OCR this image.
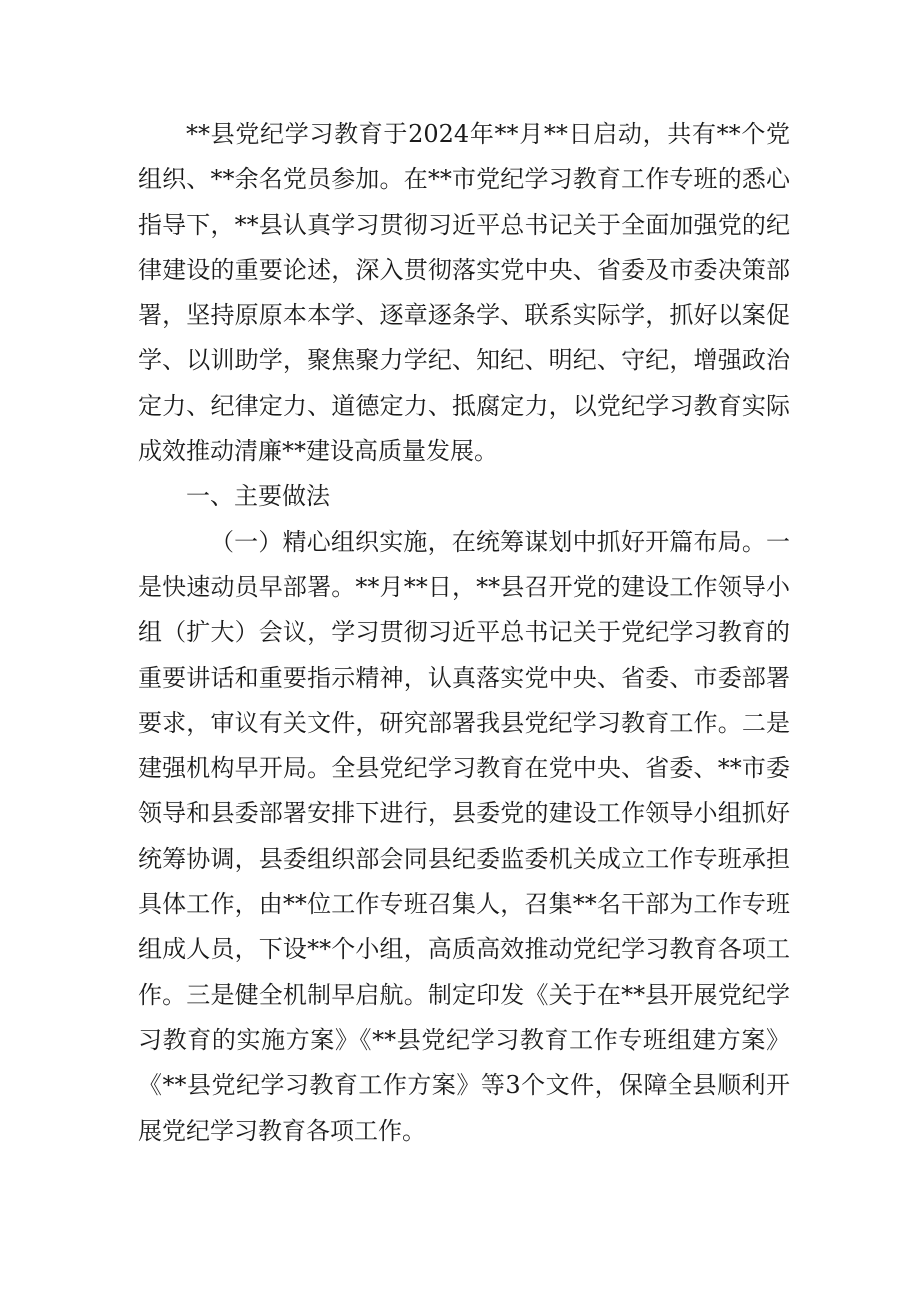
**县党纪学习教育于2024年**月**日启动，共有**个党组织、**余名党员参加。在**市党纪学习教育工作专班的悉心指导下，**县认真学习贯彻习近平总书记关于全面加强党的纪律建设的重要论述，深入贯彻落实党中央、省委及市委决策部署，坚持原原本本学、逐章逐条学、联系实际学，抓好以案促学、以训助学，聚焦聚力学纪、知纪、明纪、守纪，增强政治定力、纪律定力、道德定力、抵腐定力，以党纪学习教育实际成效推动清廉**建设高质量发展。

一、主要做法

（一）精心组织实施，在统筹谋划中抓好开篇布局。一是快速动员早部署。**月**日，**县召开党的建设工作领导小组（扩大）会议，学习贯彻习近平总书记关于党纪学习教育的重要讲话和重要指示精神，认真落实党中央、省委、市委部署要求，审议有关文件，研究部署我县党纪学习教育工作。二是建强机构早开局。全县党纪学习教育在党中央、省委、**市委领导和县委部署安排下进行，县委党的建设工作领导小组抓好统筹协调，县委组织部会同县纪委监委机关成立工作专班承担具体工作，由**位工作专班召集人，召集**名干部为工作专班组成人员，下设**个小组，高质高效推动党纪学习教育各项工作。三是健全机制早启航。制定印发《关于在**县开展党纪学习教育的实施方案》《**县党纪学习教育工作专班组建方案》《**县党纪学习教育工作方案》等3个文件，保障全县顺利开展党纪学习教育各项工作。
